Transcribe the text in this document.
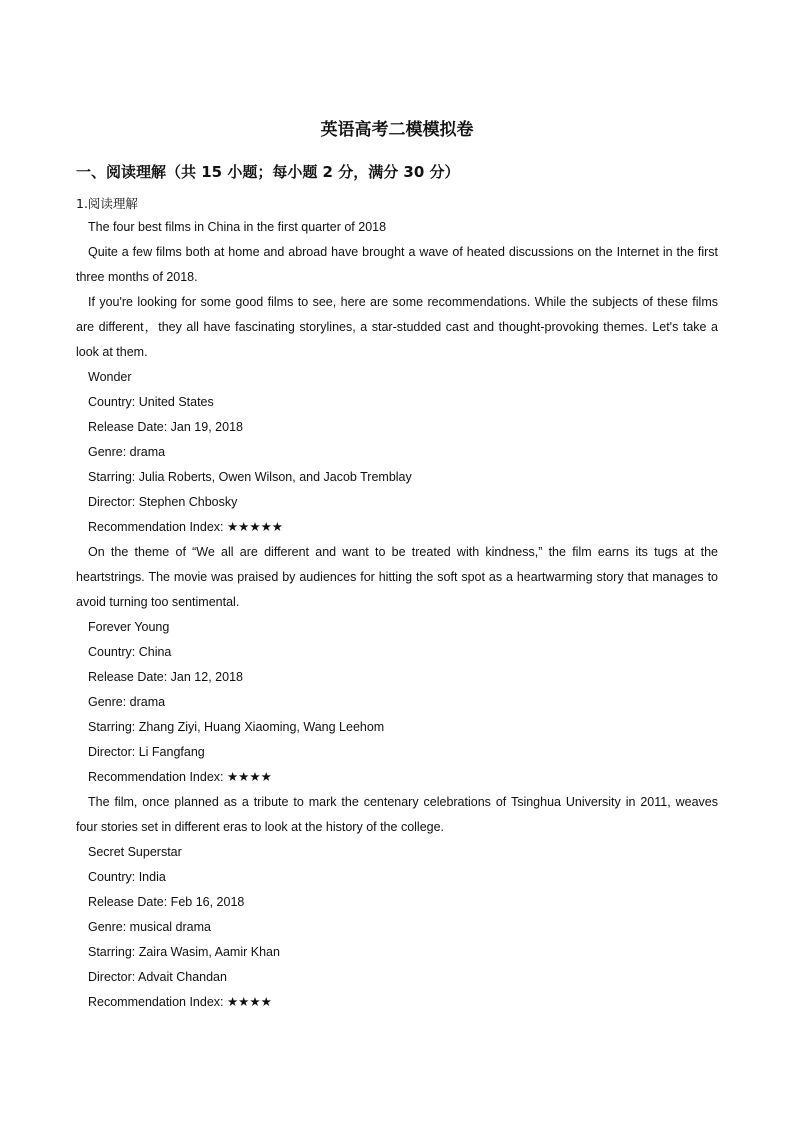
英语高考二模模拟卷
一、阅读理解（共 15 小题；每小题 2 分，满分 30 分）
1.阅读理解

The four best films in China in the first quarter of 2018

Quite a few films both at home and abroad have brought a wave of heated discussions on the Internet in the first three months of 2018.

If you're looking for some good films to see, here are some recommendations. While the subjects of these films are different，they all have fascinating storylines, a star-studded cast and thought-provoking themes. Let's take a look at them.

Wonder

Country: United States

Release Date: Jan 19, 2018

Genre: drama

Starring: Julia Roberts, Owen Wilson, and Jacob Tremblay

Director: Stephen Chbosky

Recommendation Index: ★★★★★

On the theme of “We all are different and want to be treated with kindness,” the film earns its tugs at the heartstrings. The movie was praised by audiences for hitting the soft spot as a heartwarming story that manages to avoid turning too sentimental.

Forever Young

Country: China

Release Date: Jan 12, 2018

Genre: drama

Starring: Zhang Ziyi, Huang Xiaoming, Wang Leehom

Director: Li Fangfang

Recommendation Index: ★★★★

The film, once planned as a tribute to mark the centenary celebrations of Tsinghua University in 2011, weaves four stories set in different eras to look at the history of the college.

Secret Superstar

Country: India

Release Date: Feb 16, 2018

Genre: musical drama

Starring: Zaira Wasim, Aamir Khan

Director: Advait Chandan

Recommendation Index: ★★★★
